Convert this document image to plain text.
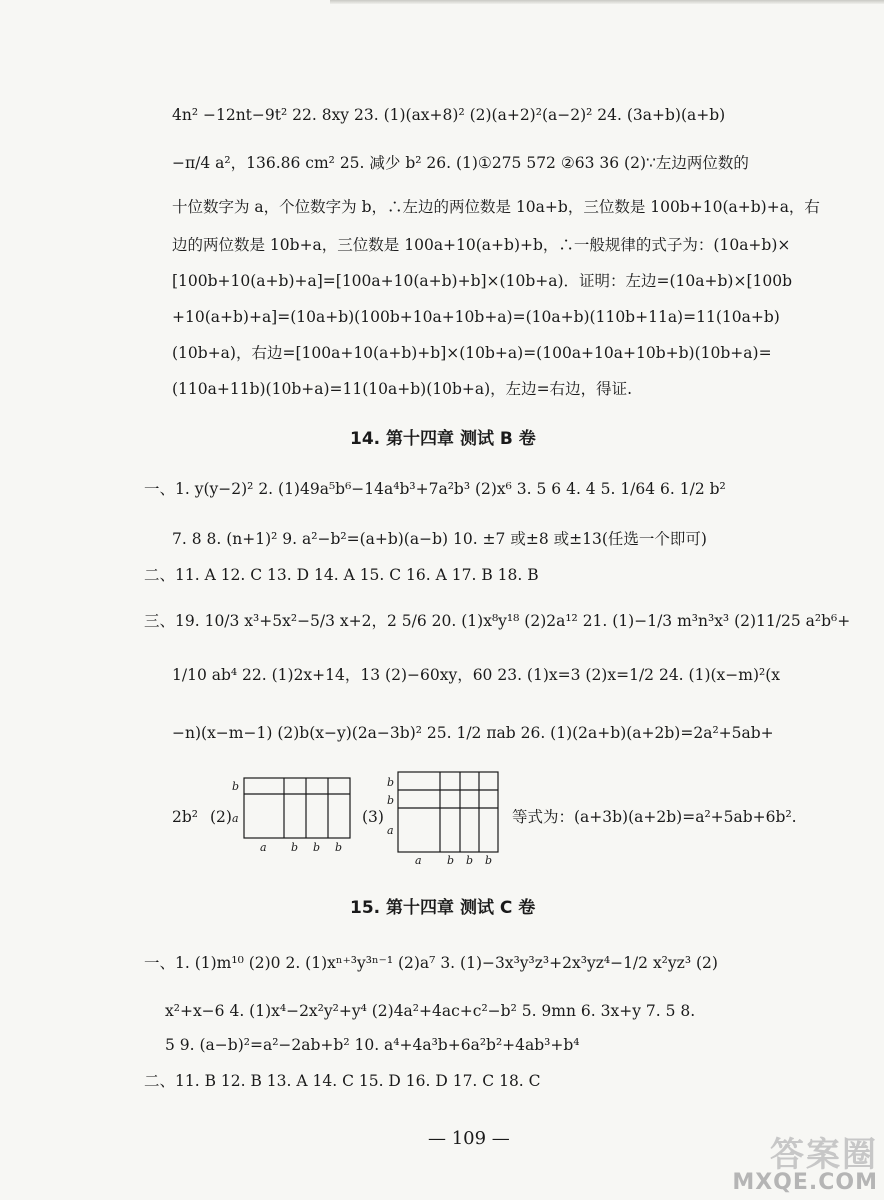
4n² −12nt−9t² 22. 8xy 23. (1)(ax+8)² (2)(a+2)²(a−2)² 24. (3a+b)(a+b)
−π/4 a²，136.86 cm² 25. 减少 b² 26. (1)①275 572 ②63 36 (2)∵左边两位数的
十位数字为 a，个位数字为 b，∴左边的两位数是 10a+b，三位数是 100b+10(a+b)+a，右
边的两位数是 10b+a，三位数是 100a+10(a+b)+b，∴一般规律的式子为：(10a+b)×
[100b+10(a+b)+a]=[100a+10(a+b)+b]×(10b+a)．证明：左边=(10a+b)×[100b
+10(a+b)+a]=(10a+b)(100b+10a+10b+a)=(10a+b)(110b+11a)=11(10a+b)
(10b+a)，右边=[100a+10(a+b)+b]×(10b+a)=(100a+10a+10b+b)(10b+a)=
(110a+11b)(10b+a)=11(10a+b)(10b+a)，左边=右边，得证.
14. 第十四章 测试 B 卷
一、1. y(y−2)² 2. (1)49a⁵b⁶−14a⁴b³+7a²b³ (2)x⁶ 3. 5 6 4. 4 5. 1/64 6. 1/2 b²
7. 8 8. (n+1)² 9. a²−b²=(a+b)(a−b) 10. ±7 或±8 或±13(任选一个即可)
二、11. A 12. C 13. D 14. A 15. C 16. A 17. B 18. B
三、19. 10/3 x³+5x²−5/3 x+2，2 5/6 20. (1)x⁸y¹⁸ (2)2a¹² 21. (1)−1/3 m³n³x³ (2)11/25 a²b⁶+
1/10 ab⁴ 22. (1)2x+14，13 (2)−60xy，60 23. (1)x=3 (2)x=1/2 24. (1)(x−m)²(x
−n)(x−m−1) (2)b(x−y)(2a−3b)² 25. 1/2 πab 26. (1)(2a+b)(a+2b)=2a²+5ab+
2b² (2)
b
a
a b b b
(3)
b
b
a
a b b b
等式为：(a+3b)(a+2b)=a²+5ab+6b².
15. 第十四章 测试 C 卷
一、1. (1)m¹⁰ (2)0 2. (1)xⁿ⁺³y³ⁿ⁻¹ (2)a⁷ 3. (1)−3x³y³z³+2x³yz⁴−1/2 x²yz³ (2)
x²+x−6 4. (1)x⁴−2x²y²+y⁴ (2)4a²+4ac+c²−b² 5. 9mn 6. 3x+y 7. 5 8.
5 9. (a−b)²=a²−2ab+b² 10. a⁴+4a³b+6a²b²+4ab³+b⁴
二、11. B 12. B 13. A 14. C 15. D 16. D 17. C 18. C
— 109 —	答案圈
MXQE.COM
